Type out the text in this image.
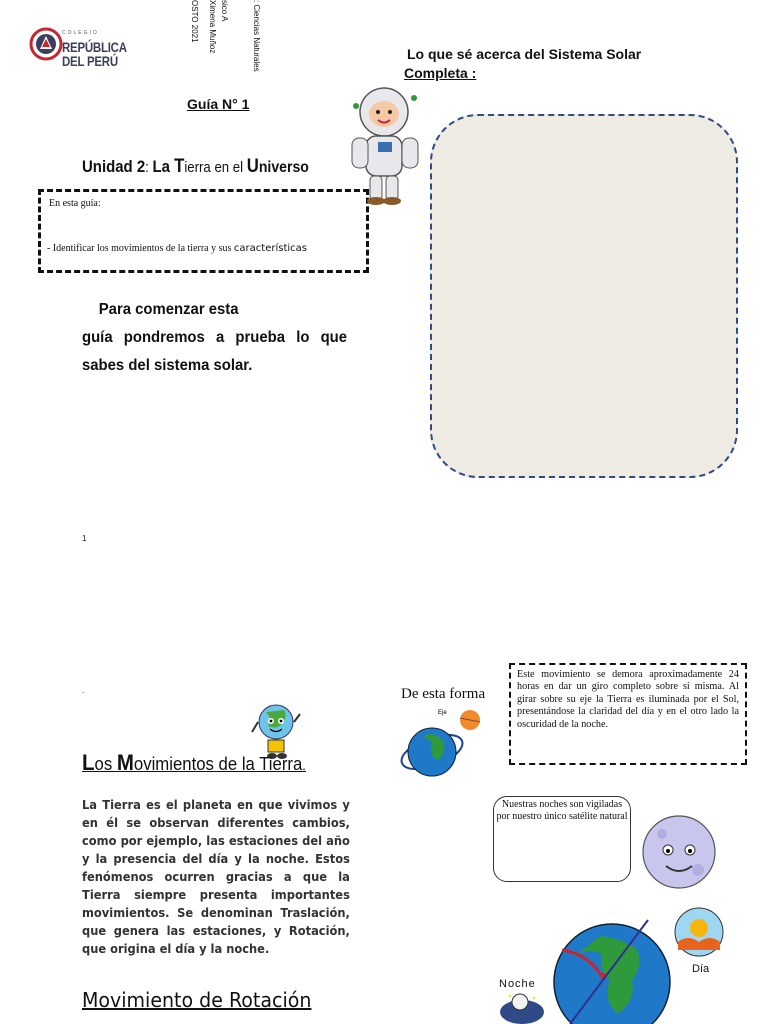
COLEGIO
REPÚBLICA
DEL PERÚ	: Ciencias Naturales
sico A
Ximena Muñoz
OSTO 2021
Lo que sé acerca del Sistema Solar
Completa :
Guía N° 1
Unidad 2: La Tierra en el Universo
En esta guía:
- Identificar los movimientos de la tierra y sus características

Para comenzar esta

guía pondremos a prueba lo que sabes del sistema solar.

1
.
Los Movimientos de la Tierra.
La Tierra es el planeta en que vivimos y en él se observan diferentes cambios, como por ejemplo, las estaciones del año y la presencia del día y la noche. Estos fenómenos ocurren gracias a que la Tierra siempre presenta importantes movimientos. Se denominan Traslación, que genera las estaciones, y Rotación, que origina el día y la noche.
Movimiento de Rotación
De esta forma
Eje
Este movimiento se demora aproximadamente 24 horas en dar un giro completo sobre sí misma. Al girar sobre su eje la Tierra es iluminada por el Sol, presentándose la claridad del día y en el otro lado la oscuridad de la noche.
Nuestras noches son vigiladas por nuestro único satélite natural
Día
Noche
